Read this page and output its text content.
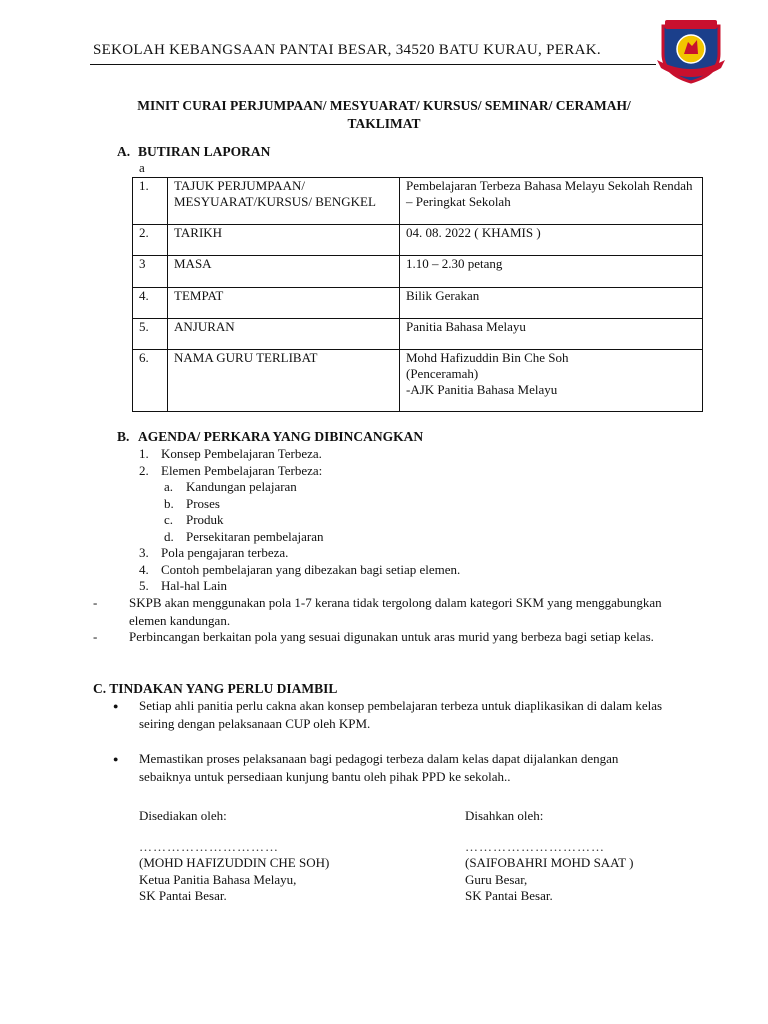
SEKOLAH KEBANGSAAN PANTAI BESAR, 34520 BATU KURAU, PERAK.
MINIT CURAI PERJUMPAAN/ MESYUARAT/ KURSUS/ SEMINAR/ CERAMAH/
TAKLIMAT
A. BUTIRAN LAPORAN
a
1.	TAJUK PERJUMPAAN/ MESYUARAT/KURSUS/ BENGKEL	Pembelajaran Terbeza Bahasa Melayu Sekolah Rendah – Peringkat Sekolah
2.	TARIKH	04. 08. 2022 ( KHAMIS )
3	MASA	1.10 – 2.30 petang
4.	TEMPAT	Bilik Gerakan
5.	ANJURAN	Panitia Bahasa Melayu
6.	NAMA GURU TERLIBAT	Mohd Hafizuddin Bin Che Soh
(Penceramah)
-AJK Panitia Bahasa Melayu
B. AGENDA/ PERKARA YANG DIBINCANGKAN
1. Konsep Pembelajaran Terbeza.
2. Elemen Pembelajaran Terbeza:
a. Kandungan pelajaran
b. Proses
c. Produk
d. Persekitaran pembelajaran
3. Pola pengajaran terbeza.
4. Contoh pembelajaran yang dibezakan bagi setiap elemen.
5. Hal-hal Lain
- SKPB akan menggunakan pola 1-7 kerana tidak tergolong dalam kategori SKM yang menggabungkan elemen kandungan.
- Perbincangan berkaitan pola yang sesuai digunakan untuk aras murid yang berbeza bagi setiap kelas.
C. TINDAKAN YANG PERLU DIAMBIL
● Setiap ahli panitia perlu cakna akan konsep pembelajaran terbeza untuk diaplikasikan di dalam kelas seiring dengan pelaksanaan CUP oleh KPM.
● Memastikan proses pelaksanaan bagi pedagogi terbeza dalam kelas dapat dijalankan dengan sebaiknya untuk persediaan kunjung bantu oleh pihak PPD ke sekolah..
Disediakan oleh:
…………………………
(MOHD HAFIZUDDIN CHE SOH)
Ketua Panitia Bahasa Melayu,
SK Pantai Besar.
Disahkan oleh:
…………………………
(SAIFOBAHRI MOHD SAAT )
Guru Besar,
SK Pantai Besar.
